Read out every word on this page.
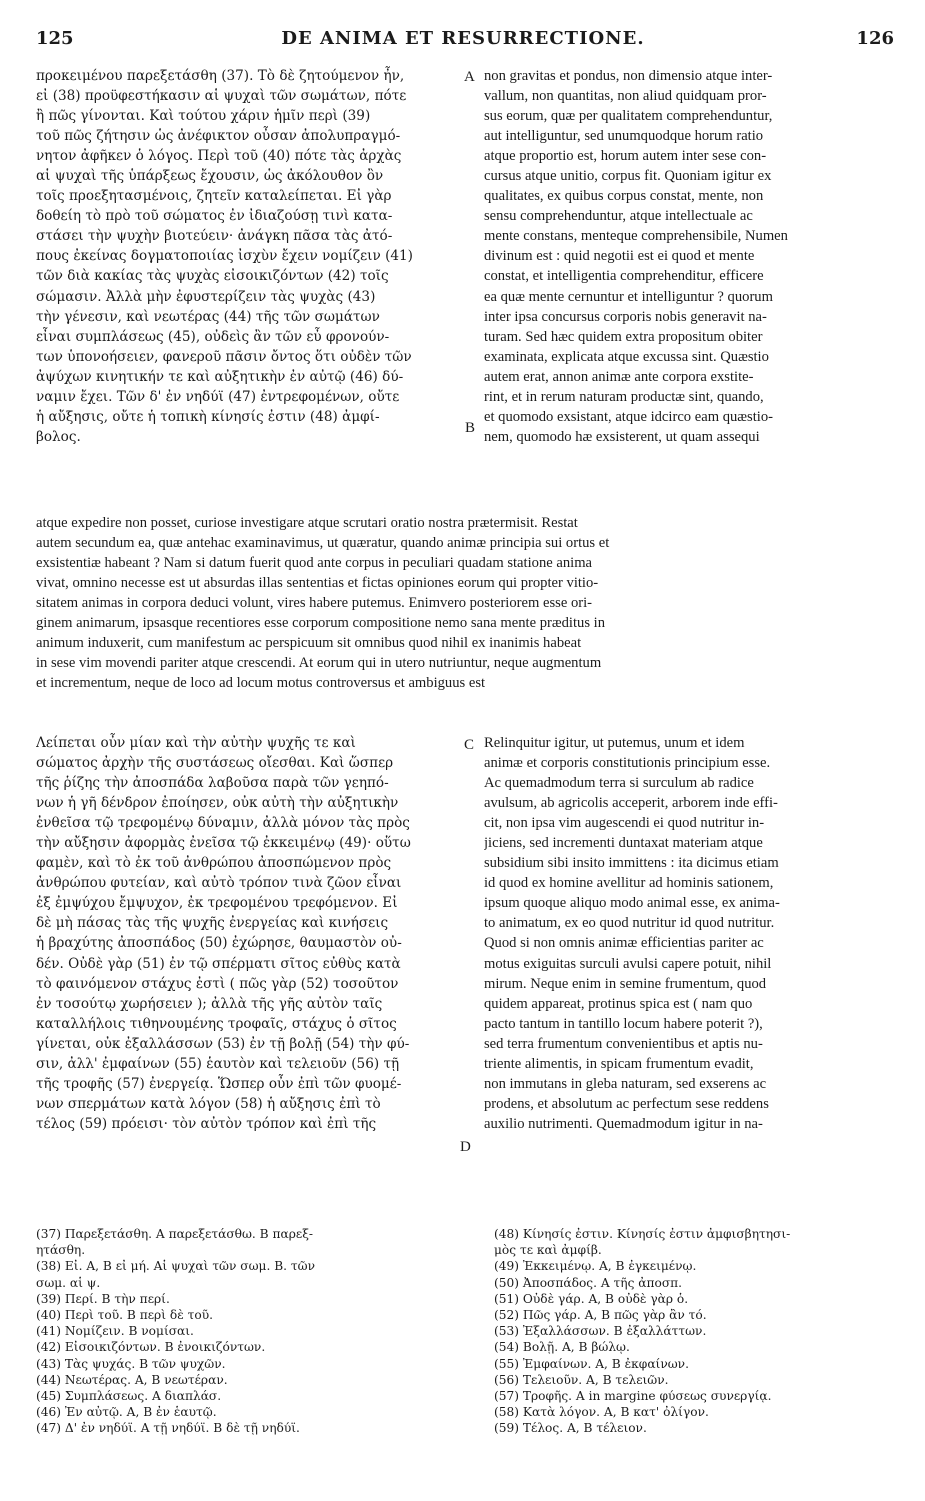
125	DE ANIMA ET RESURRECTIONE.	126
προκειμένου παρεξετάσθη (37). Τὸ δὲ ζητούμενον ἦν,
εἰ (38) προϋφεστήκασιν αἱ ψυχαὶ τῶν σωμάτων, πότε
ἢ πῶς γίνονται. Καὶ τούτου χάριν ἡμῖν περὶ (39)
τοῦ πῶς ζήτησιν ὡς ἀνέφικτον οὖσαν ἀπολυπραγμό-
νητον ἀφῆκεν ὁ λόγος. Περὶ τοῦ (40) πότε τὰς ἀρχὰς
αἱ ψυχαὶ τῆς ὑπάρξεως ἔχουσιν, ὡς ἀκόλουθον ὂν
τοῖς προεξητασμένοις, ζητεῖν καταλείπεται. Εἰ γὰρ
δοθείη τὸ πρὸ τοῦ σώματος ἐν ἰδιαζούσῃ τινὶ κατα-
στάσει τὴν ψυχὴν βιοτεύειν· ἀνάγκη πᾶσα τὰς ἀτό-
πους ἐκείνας δογματοποιίας ἰσχὺν ἔχειν νομίζειν (41)
τῶν διὰ κακίας τὰς ψυχὰς εἰσοικιζόντων (42) τοῖς
σώμασιν. Ἀλλὰ μὴν ἐφυστερίζειν τὰς ψυχὰς (43)
τὴν γένεσιν, καὶ νεωτέρας (44) τῆς τῶν σωμάτων
εἶναι συμπλάσεως (45), οὐδεὶς ἂν τῶν εὖ φρονούν-
των ὑπονοήσειεν, φανεροῦ πᾶσιν ὄντος ὅτι οὐδὲν τῶν
ἀψύχων κινητικήν τε καὶ αὐξητικὴν ἐν αὐτῷ (46) δύ-
ναμιν ἔχει. Τῶν δ' ἐν νηδύϊ (47) ἐντρεφομένων, οὔτε
ἡ αὔξησις, οὔτε ἡ τοπικὴ κίνησίς ἐστιν (48) ἀμφί-
βολος.
non gravitas et pondus, non dimensio atque inter-
vallum, non quantitas, non aliud quidquam pror-
sus eorum, quæ per qualitatem comprehenduntur,
aut intelliguntur, sed unumquodque horum ratio
atque proportio est, horum autem inter sese con-
cursus atque unitio, corpus fit. Quoniam igitur ex
qualitates, ex quibus corpus constat, mente, non
sensu comprehenduntur, atque intellectuale ac
mente constans, menteque comprehensibile, Numen
divinum est : quid negotii est ei quod et mente
constat, et intelligentia comprehenditur, efficere
ea quæ mente cernuntur et intelliguntur ? quorum
inter ipsa concursus corporis nobis generavit na-
turam. Sed hæc quidem extra propositum obiter
examinata, explicata atque excussa sint. Quæstio
autem erat, annon animæ ante corpora exstite-
rint, et in rerum naturam productæ sint, quando,
et quomodo exsistant, atque idcirco eam quæstio-
nem, quomodo hæ exsisterent, ut quam assequi
A
B
atque expedire non posset, curiose investigare atque scrutari oratio nostra prætermisit. Restat
autem secundum ea, quæ antehac examinavimus, ut quæratur, quando animæ principia sui ortus et
exsistentiæ habeant ? Nam si datum fuerit quod ante corpus in peculiari quadam statione anima
vivat, omnino necesse est ut absurdas illas sententias et fictas opiniones eorum qui propter vitio-
sitatem animas in corpora deduci volunt, vires habere putemus. Enimvero posteriorem esse ori-
ginem animarum, ipsasque recentiores esse corporum compositione nemo sana mente præditus in
animum induxerit, cum manifestum ac perspicuum sit omnibus quod nihil ex inanimis habeat
in sese vim movendi pariter atque crescendi. At eorum qui in utero nutriuntur, neque augmentum
et incrementum, neque de loco ad locum motus controversus et ambiguus est
Λείπεται οὖν μίαν καὶ τὴν αὐτὴν ψυχῆς τε καὶ
σώματος ἀρχὴν τῆς συστάσεως οἴεσθαι. Καὶ ὥσπερ
τῆς ῥίζης τὴν ἀποσπάδα λαβοῦσα παρὰ τῶν γεηπό-
νων ἡ γῆ δένδρον ἐποίησεν, οὐκ αὐτὴ τὴν αὐξητικὴν
ἐνθεῖσα τῷ τρεφομένῳ δύναμιν, ἀλλὰ μόνον τὰς πρὸς
τὴν αὔξησιν ἀφορμὰς ἐνεῖσα τῷ ἐκκειμένῳ (49)· οὕτω
φαμὲν, καὶ τὸ ἐκ τοῦ ἀνθρώπου ἀποσπώμενον πρὸς
ἀνθρώπου φυτείαν, καὶ αὐτὸ τρόπον τινὰ ζῶον εἶναι
ἐξ ἐμψύχου ἔμψυχον, ἐκ τρεφομένου τρεφόμενον. Εἰ
δὲ μὴ πάσας τὰς τῆς ψυχῆς ἐνεργείας καὶ κινήσεις
ἡ βραχύτης ἀποσπάδος (50) ἐχώρησε, θαυμαστὸν οὐ-
δέν. Οὐδὲ γὰρ (51) ἐν τῷ σπέρματι σῖτος εὐθὺς κατὰ
τὸ φαινόμενον στάχυς ἐστὶ ( πῶς γὰρ (52) τοσοῦτον
ἐν τοσούτῳ χωρήσειεν ); ἀλλὰ τῆς γῆς αὐτὸν ταῖς
καταλλήλοις τιθηνουμένης τροφαῖς, στάχυς ὁ σῖτος
γίνεται, οὐκ ἐξαλλάσσων (53) ἐν τῇ βολῇ (54) τὴν φύ-
σιν, ἀλλ' ἐμφαίνων (55) ἑαυτὸν καὶ τελειοῦν (56) τῇ
τῆς τροφῆς (57) ἐνεργείᾳ. Ὥσπερ οὖν ἐπὶ τῶν φυομέ-
νων σπερμάτων κατὰ λόγον (58) ἡ αὔξησις ἐπὶ τὸ
τέλος (59) πρόεισι· τὸν αὐτὸν τρόπον καὶ ἐπὶ τῆς
Relinquitur igitur, ut putemus, unum et idem
animæ et corporis constitutionis principium esse.
Ac quemadmodum terra si surculum ab radice
avulsum, ab agricolis acceperit, arborem inde effi-
cit, non ipsa vim augescendi ei quod nutritur in-
jiciens, sed incrementi duntaxat materiam atque
subsidium sibi insito immittens : ita dicimus etiam
id quod ex homine avellitur ad hominis sationem,
ipsum quoque aliquo modo animal esse, ex anima-
to animatum, ex eo quod nutritur id quod nutritur.
Quod si non omnis animæ efficientias pariter ac
motus exiguitas surculi avulsi capere potuit, nihil
mirum. Neque enim in semine frumentum, quod
quidem appareat, protinus spica est ( nam quo
pacto tantum in tantillo locum habere poterit ?),
sed terra frumentum convenientibus et aptis nu-
triente alimentis, in spicam frumentum evadit,
non immutans in gleba naturam, sed exserens ac
prodens, et absolutum ac perfectum sese reddens
auxilio nutrimenti. Quemadmodum igitur in na-
C
D
(37) Παρεξετάσθη. A παρεξετάσθω. B παρεξ-
ητάσθη.
(38) Εἰ. A, B εἰ μή. Αἱ ψυχαὶ τῶν σωμ. B. τῶν
σωμ. αἱ ψ.
(39) Περί. B τὴν περί.
(40) Περὶ τοῦ. B περὶ δὲ τοῦ.
(41) Νομίζειν. B νομίσαι.
(42) Εἰσοικιζόντων. B ἐνοικιζόντων.
(43) Τὰς ψυχάς. B τῶν ψυχῶν.
(44) Νεωτέρας. A, B νεωτέραν.
(45) Συμπλάσεως. A διαπλάσ.
(46) Ἐν αὐτῷ. A, B ἐν ἑαυτῷ.
(47) Δ' ἐν νηδύϊ. A τῇ νηδύϊ. B δὲ τῇ νηδύϊ.
(48) Κίνησίς ἐστιν. Κίνησίς ἐστιν ἀμφισβητησι-
μὸς τε καὶ ἀμφίβ.
(49) Ἐκκειμένῳ. A, B ἐγκειμένῳ.
(50) Ἀποσπάδος. A τῆς ἀποσπ.
(51) Οὐδὲ γάρ. A, B οὐδὲ γὰρ ὁ.
(52) Πῶς γάρ. A, B πῶς γὰρ ἂν τό.
(53) Ἐξαλλάσσων. B ἐξαλλάττων.
(54) Βολῇ. A, B βώλῳ.
(55) Ἐμφαίνων. A, B ἐκφαίνων.
(56) Τελειοῦν. A, B τελειῶν.
(57) Τροφῆς. A in margine φύσεως συνεργίᾳ.
(58) Κατὰ λόγον. A, B κατ' ὀλίγον.
(59) Τέλος. A, B τέλειον.
